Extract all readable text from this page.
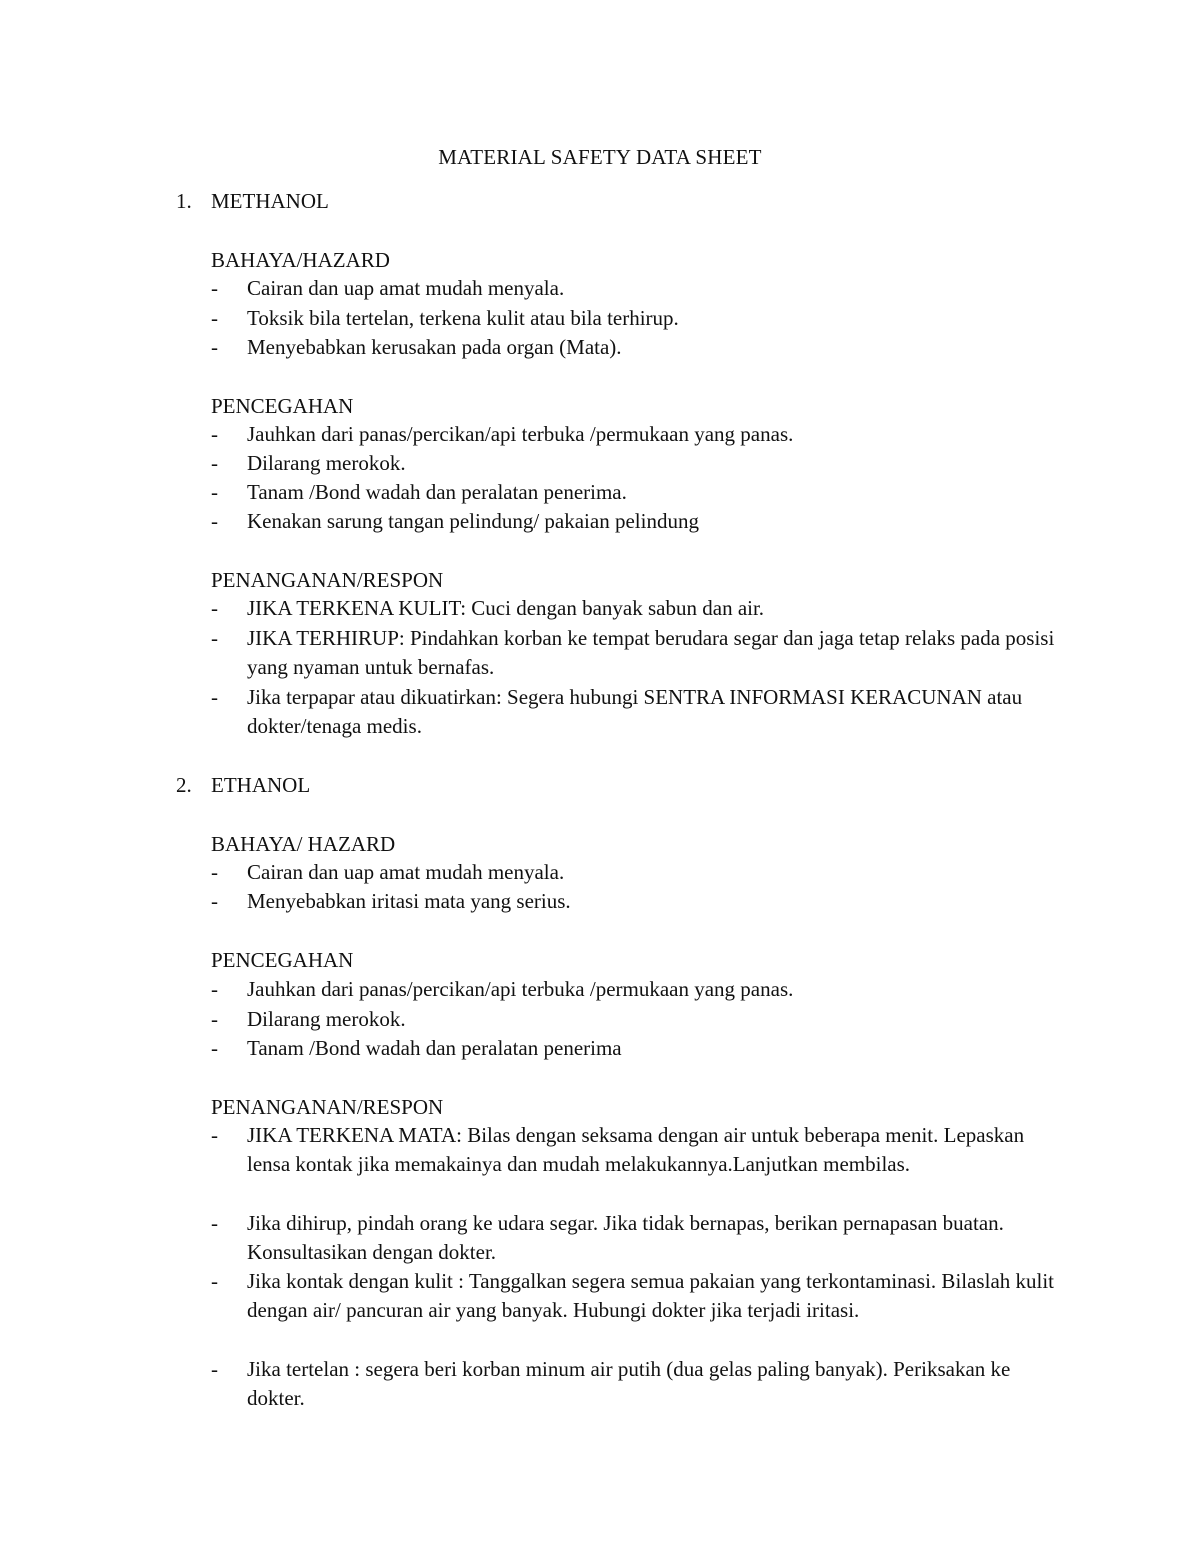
MATERIAL SAFETY DATA SHEET
1. METHANOL
BAHAYA/HAZARD
- Cairan dan uap amat mudah menyala.
- Toksik bila tertelan, terkena kulit atau bila terhirup.
- Menyebabkan kerusakan pada organ (Mata).
PENCEGAHAN
- Jauhkan dari panas/percikan/api terbuka /permukaan yang panas.
- Dilarang merokok.
- Tanam /Bond wadah dan peralatan penerima.
- Kenakan sarung tangan pelindung/ pakaian pelindung
PENANGANAN/RESPON
- JIKA TERKENA KULIT: Cuci dengan banyak sabun dan air.
- JIKA TERHIRUP: Pindahkan korban ke tempat berudara segar dan jaga tetap relaks pada posisi yang nyaman untuk bernafas.
- Jika terpapar atau dikuatirkan: Segera hubungi SENTRA INFORMASI KERACUNAN atau dokter/tenaga medis.
2. ETHANOL
BAHAYA/ HAZARD
- Cairan dan uap amat mudah menyala.
- Menyebabkan iritasi mata yang serius.
PENCEGAHAN
- Jauhkan dari panas/percikan/api terbuka /permukaan yang panas.
- Dilarang merokok.
- Tanam /Bond wadah dan peralatan penerima
PENANGANAN/RESPON
- JIKA TERKENA MATA: Bilas dengan seksama dengan air untuk beberapa menit. Lepaskan lensa kontak jika memakainya dan mudah melakukannya.Lanjutkan membilas.
- Jika dihirup, pindah orang ke udara segar. Jika tidak bernapas, berikan pernapasan buatan. Konsultasikan dengan dokter.
- Jika kontak dengan kulit : Tanggalkan segera semua pakaian yang terkontaminasi. Bilaslah kulit dengan air/ pancuran air yang banyak. Hubungi dokter jika terjadi iritasi.
- Jika tertelan : segera beri korban minum air putih (dua gelas paling banyak). Periksakan ke dokter.
